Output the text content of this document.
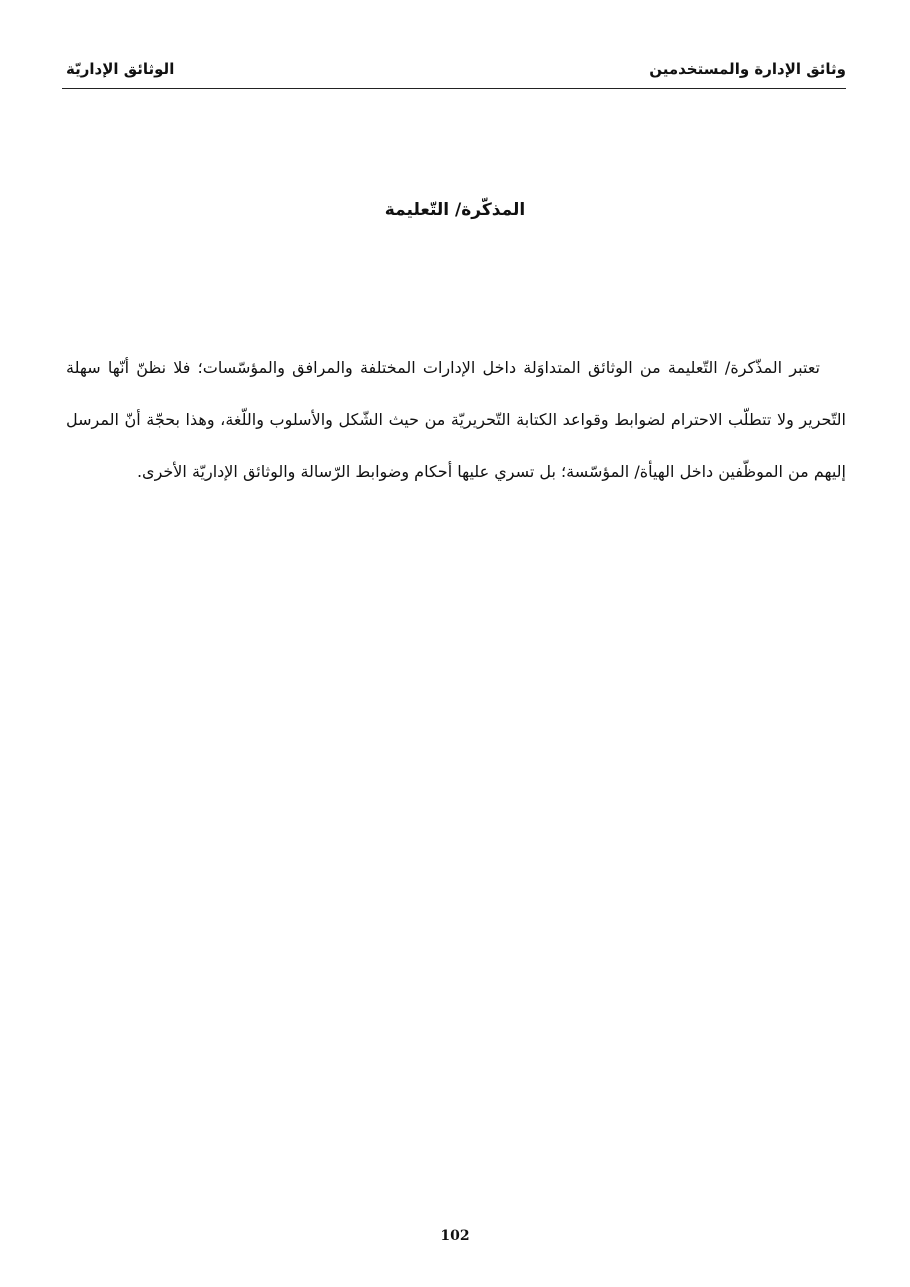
وثائق الإدارة والمستخدمين
الوثائق الإداريّة
المذكّرة/ التّعليمة
تعتبر المذّكرة/ التّعليمة من الوثائق المتداوَلة داخل الإدارات المختلفة والمرافق والمؤسّسات؛ فلا نظنّ أنّها سهلة
التّحرير ولا تتطلّب الاحترام لضوابط وقواعد الكتابة التّحريريّة من حيث الشّكل والأسلوب واللّغة، وهذا بحجّة أنّ المرسل
إليهم من الموظّفين داخل الهيأة/ المؤسّسة؛ بل تسري عليها أحكام وضوابط الرّسالة والوثائق الإداريّة الأخرى.
102
